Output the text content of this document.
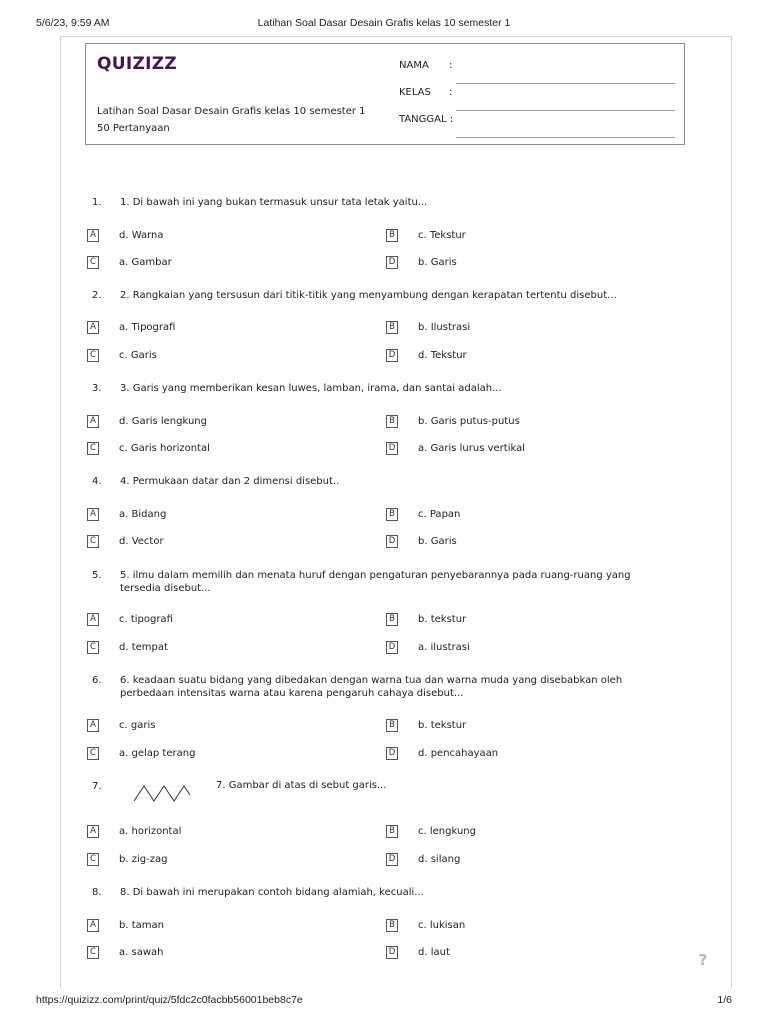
5/6/23, 9:59 AM	Latihan Soal Dasar Desain Grafis kelas 10 semester 1
QUIZIZZ
Latihan Soal Dasar Desain Grafis kelas 10 semester 1
50 Pertanyaan
NAMA :
KELAS :
TANGGAL :
1. 1. Di bawah ini yang bukan termasuk unsur tata letak yaitu...
A	d. Warna	B	c. Tekstur
C	a. Gambar	D b. Garis
2. 2. Rangkaian yang tersusun dari titik-titik yang menyambung dengan kerapatan tertentu disebut...
A	a. Tipografi	B	b. Ilustrasi
C	c. Garis	D d. Tekstur
3. 3. Garis yang memberikan kesan luwes, lamban, irama, dan santai adalah...
A	d. Garis lengkung	B	b. Garis putus-putus
C	c. Garis horizontal	D a. Garis lurus vertikal
4. 4. Permukaan datar dan 2 dimensi disebut..
A	a. Bidang	B	c. Papan
C	d. Vector	D b. Garis
5. 5. ilmu dalam memilih dan menata huruf dengan pengaturan penyebarannya pada ruang-ruang yang tersedia disebut...
A	c. tipografi	B	b. tekstur
C	d. tempat	D a. ilustrasi
6. 6. keadaan suatu bidang yang dibedakan dengan warna tua dan warna muda yang disebabkan oleh perbedaan intensitas warna atau karena pengaruh cahaya disebut...
A	c. garis	B	b. tekstur
C	a. gelap terang	D d. pencahayaan
7.	7. Gambar di atas di sebut garis...
A	a. horizontal	B	c. lengkung
C	b. zig-zag	D d. silang
8. 8. Di bawah ini merupakan contoh bidang alamiah, kecuali...
A	b. taman	B	c. lukisan
C	a. sawah	D d. laut	?
https://quizizz.com/print/quiz/5fdc2c0facbb56001beb8c7e	1/6
